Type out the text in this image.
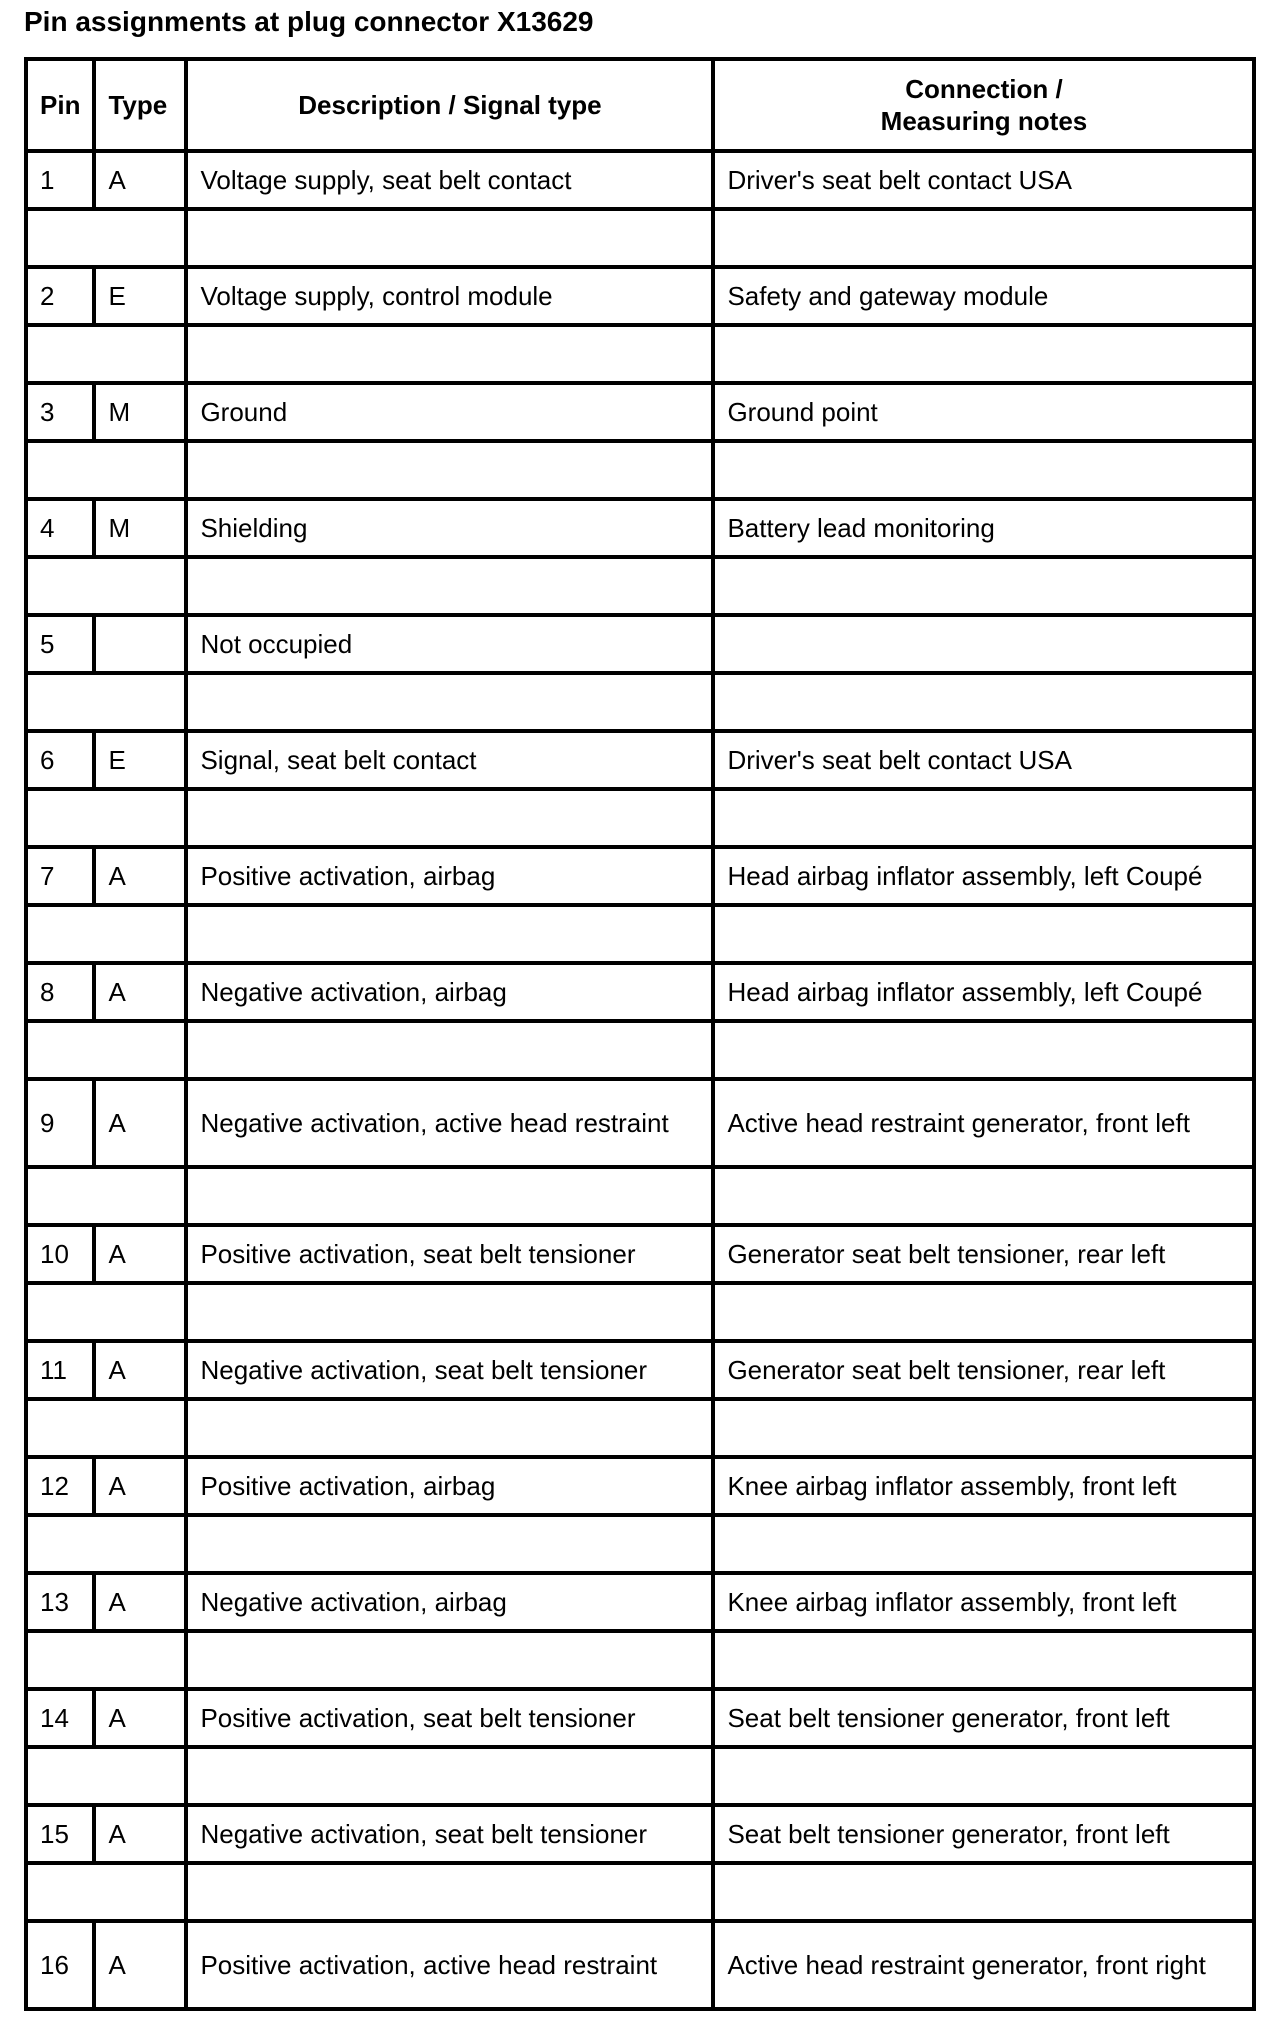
Pin assignments at plug connector X13629
Pin	Type	Description / Signal type	Connection /
Measuring notes

1	A	Voltage supply, seat belt contact	Driver's seat belt contact USA

2	E	Voltage supply, control module	Safety and gateway module

3	M	Ground	Ground point

4	M	Shielding	Battery lead monitoring

5		Not occupied	

6	E	Signal, seat belt contact	Driver's seat belt contact USA

7	A	Positive activation, airbag	Head airbag inflator assembly, left Coupé

8	A	Negative activation, airbag	Head airbag inflator assembly, left Coupé

9	A	Negative activation, active head restraint	Active head restraint generator, front left

10	A	Positive activation, seat belt tensioner	Generator seat belt tensioner, rear left

11	A	Negative activation, seat belt tensioner	Generator seat belt tensioner, rear left

12	A	Positive activation, airbag	Knee airbag inflator assembly, front left

13	A	Negative activation, airbag	Knee airbag inflator assembly, front left

14	A	Positive activation, seat belt tensioner	Seat belt tensioner generator, front left

15	A	Negative activation, seat belt tensioner	Seat belt tensioner generator, front left

16	A	Positive activation, active head restraint	Active head restraint generator, front right
